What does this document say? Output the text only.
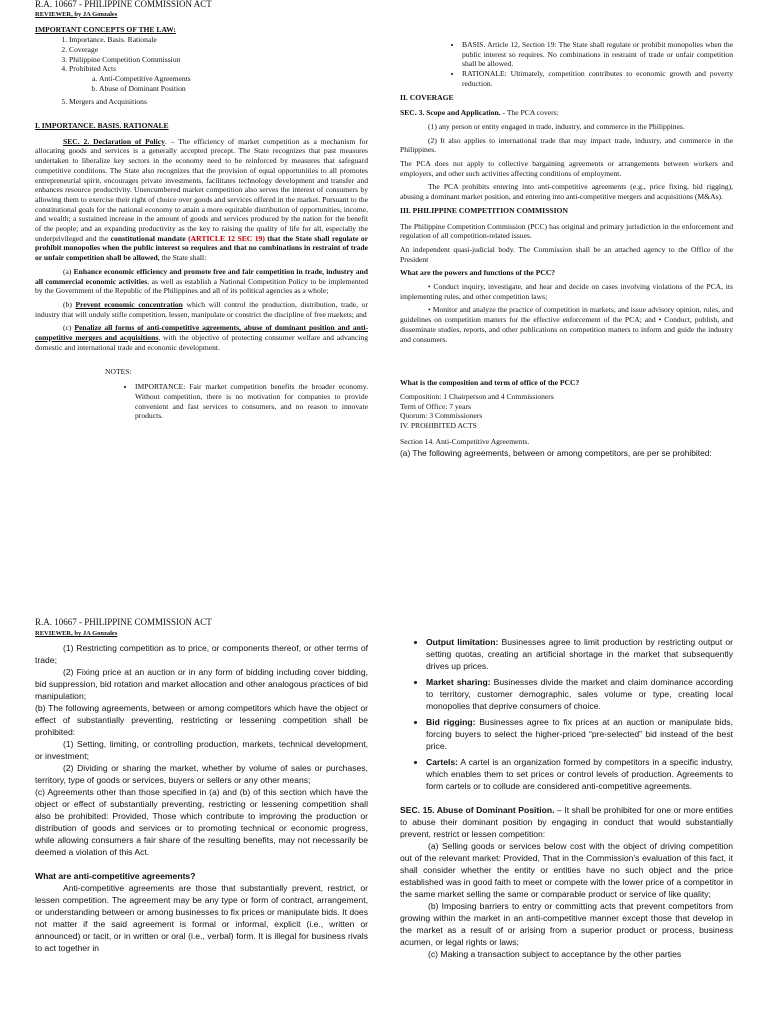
R.A. 10667 - PHILIPPINE COMMISSION ACT
REVIEWER, by JA Gonzales
IMPORTANT CONCEPTS OF THE LAW:
1. Importance. Basis. Rationale
2. Coverage
3. Philippine Competition Commission
4. Prohibited Acts
a. Anti-Competitive Agreements
b. Abuse of Dominant Position
5. Mergers and Acquisitions
I. IMPORTANCE. BASIS. RATIONALE

SEC. 2. Declaration of Policy. – The efficiency of market competition as a mechanism for allocating goods and services is a generally accepted precept. The State recognizes that past measures undertaken to liberalize key sectors in the economy need to be reinforced by measures that safeguard competitive conditions. The State also recognizes that the provision of equal opportunities to all promotes entrepreneurial spirit, encourages private investments, facilitates technology development and transfer and enhances resource productivity. Unencumbered market competition also serves the interest of consumers by allowing them to exercise their right of choice over goods and services offered in the market. Pursuant to the constitutional goals for the national economy to attain a more equitable distribution of opportunities, income, and wealth; a sustained increase in the amount of goods and services produced by the nation for the benefit of the people; and an expanding productivity as the key to raising the quality of life for all, especially the underprivileged and the constitutional mandate (ARTICLE 12 SEC 19) that the State shall regulate or prohibit monopolies when the public interest so requires and that no combinations in restraint of trade or unfair competition shall be allowed, the State shall:

(a) Enhance economic efficiency and promote free and fair competition in trade, industry and all commercial economic activities, as well as establish a National Competition Policy to be implemented by the Government of the Republic of the Philippines and all of its political agencies as a whole;

(b) Prevent economic concentration which will control the production, distribution, trade, or industry that will unduly stifle competition, lessen, manipulate or constrict the discipline of free markets; and

(c) Penalize all forms of anti-competitive agreements, abuse of dominant position and anti-competitive mergers and acquisitions, with the objective of protecting consumer welfare and advancing domestic and international trade and economic development.

NOTES:
• IMPORTANCE: Fair market competition benefits the broader economy. Without competition, there is no motivation for companies to provide convenient and fast services to consumers, and no reason to innovate products.
• BASIS. Article 12, Section 19: The State shall regulate or prohibit monopolies when the public interest so requires. No combinations in restraint of trade or unfair competition shall be allowed.
• RATIONALE: Ultimately, competition contributes to economic growth and poverty reduction.
II. COVERAGE

SEC. 3. Scope and Application. - The PCA covers:

(1) any person or entity engaged in trade, industry, and commerce in the Philippines.

(2) It also applies to international trade that may impact trade, industry, and commerce in the Philippines.

The PCA does not apply to collective bargaining agreements or arrangements between workers and employers, and other such activities affecting conditions of employment.

The PCA prohibits entering into anti-competitive agreements (e.g., price fixing, bid rigging), abusing a dominant market position, and entering into anti-competitive mergers and acquisitions (M&As).

III. PHILIPPINE COMPETITION COMMISSION

The Philippine Competition Commission (PCC) has original and primary jurisdiction in the enforcement and regulation of all competition-related issues.

An independent quasi-judicial body. The Commission shall be an attached agency to the Office of the President

What are the powers and functions of the PCC?

• Conduct inquiry, investigate, and hear and decide on cases involving violations of the PCA, its implementing rules, and other competition laws;

• Monitor and analyze the practice of competition in markets, and issue advisory opinion, rules, and guidelines on competition matters for the effective enforcement of the PCA; and • Conduct, publish, and disseminate studies, reports, and other publications on competition matters to inform and guide the industry and consumers.

What is the composition and term of office of the PCC?

Composition: 1 Chairperson and 4 Commissioners
Term of Office: 7 years
Quorum: 3 Commissioners
IV. PROHIBITED ACTS
Section 14. Anti-Competitive Agreements.
(a) The following agreements, between or among competitors, are per se prohibited:
R.A. 10667 - PHILIPPINE COMMISSION ACT
REVIEWER, by JA Gonzales

(1) Restricting competition as to price, or components thereof, or other terms of trade;

(2) Fixing price at an auction or in any form of bidding including cover bidding, bid suppression, bid rotation and market allocation and other analogous practices of bid manipulation;

(b) The following agreements, between or among competitors which have the object or effect of substantially preventing, restricting or lessening competition shall be prohibited:

(1) Setting, limiting, or controlling production, markets, technical development, or investment;

(2) Dividing or sharing the market, whether by volume of sales or purchases, territory, type of goods or services, buyers or sellers or any other means;

(c) Agreements other than those specified in (a) and (b) of this section which have the object or effect of substantially preventing, restricting or lessening competition shall also be prohibited: Provided, Those which contribute to improving the production or distribution of goods and services or to promoting technical or economic progress, while allowing consumers a fair share of the resulting benefits, may not necessarily be deemed a violation of this Act.

What are anti-competitive agreements?

Anti-competitive agreements are those that substantially prevent, restrict, or lessen competition. The agreement may be any type or form of contract, arrangement, or understanding between or among businesses to fix prices or manipulate bids. It does not matter if the said agreement is formal or informal, explicit (i.e., written or announced) or tacit, or in written or oral (i.e., verbal) form. It is illegal for business rivals to act together in

• Output limitation: Businesses agree to limit production by restricting output or setting quotas, creating an artificial shortage in the market that subsequently drives up prices.
• Market sharing: Businesses divide the market and claim dominance according to territory, customer demographic, sales volume or type, creating local monopolies that deprive consumers of choice.
• Bid rigging: Businesses agree to fix prices at an auction or manipulate bids, forcing buyers to select the higher-priced “pre-selected” bid instead of the best price.
• Cartels: A cartel is an organization formed by competitors in a specific industry, which enables them to set prices or control levels of production. Agreements to form cartels or to collude are considered anti-competitive agreements.

SEC. 15. Abuse of Dominant Position. – It shall be prohibited for one or more entities to abuse their dominant position by engaging in conduct that would substantially prevent, restrict or lessen competition:

(a) Selling goods or services below cost with the object of driving competition out of the relevant market: Provided, That in the Commission’s evaluation of this fact, it shall consider whether the entity or entities have no such object and the price established was in good faith to meet or compete with the lower price of a competitor in the same market selling the same or comparable product or service of like quality;

(b) Imposing barriers to entry or committing acts that prevent competitors from growing within the market in an anti-competitive manner except those that develop in the market as a result of or arising from a superior product or process, business acumen, or legal rights or laws;

(c) Making a transaction subject to acceptance by the other parties
